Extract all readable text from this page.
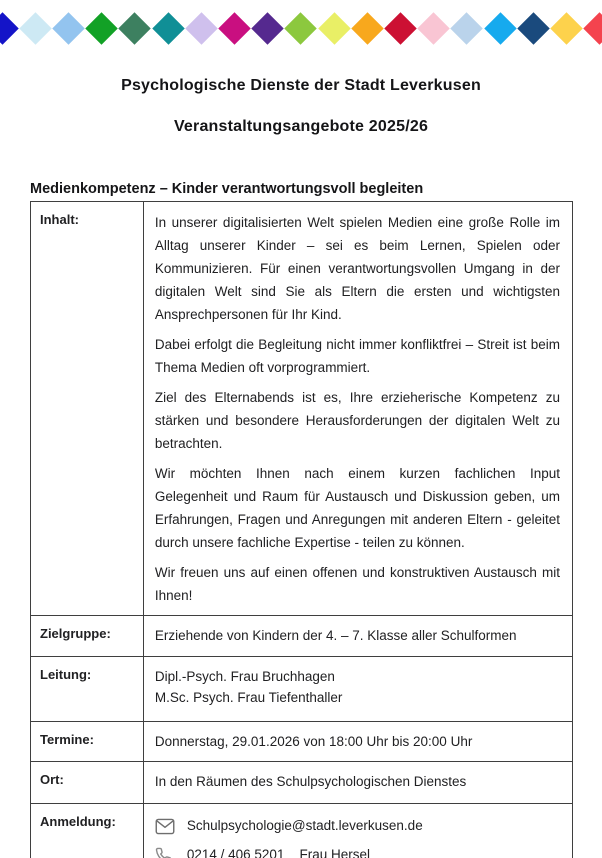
Psychologische Dienste der Stadt Leverkusen
Veranstaltungsangebote 2025/26
Medienkompetenz – Kinder verantwortungsvoll begleiten
Inhalt:	In unserer digitalisierten Welt spielen Medien eine große Rolle im Alltag unserer Kinder – sei es beim Lernen, Spielen oder Kommunizieren. Für einen verantwortungsvollen Umgang in der digitalen Welt sind Sie als Eltern die ersten und wichtigsten Ansprechpersonen für Ihr Kind.

Dabei erfolgt die Begleitung nicht immer konfliktfrei – Streit ist beim Thema Medien oft vorprogrammiert.

Ziel des Elternabends ist es, Ihre erzieherische Kompetenz zu stärken und besondere Herausforderungen der digitalen Welt zu betrachten.

Wir möchten Ihnen nach einem kurzen fachlichen Input Gelegenheit und Raum für Austausch und Diskussion geben, um Erfahrungen, Fragen und Anregungen mit anderen Eltern - geleitet durch unsere fachliche Expertise - teilen zu können.

Wir freuen uns auf einen offenen und konstruktiven Austausch mit Ihnen!

Zielgruppe:	Erziehende von Kindern der 4. – 7. Klasse aller Schulformen
Leitung:	Dipl.-Psych. Frau Bruchhagen
M.Sc. Psych. Frau Tiefenthaller

Termine:	Donnerstag, 29.01.2026 von 18:00 Uhr bis 20:00 Uhr
Ort:	In den Räumen des Schulpsychologischen Dienstes
Anmeldung:	Schulpsychologie@stadt.leverkusen.de
0214 / 406 5201 Frau Hersel
